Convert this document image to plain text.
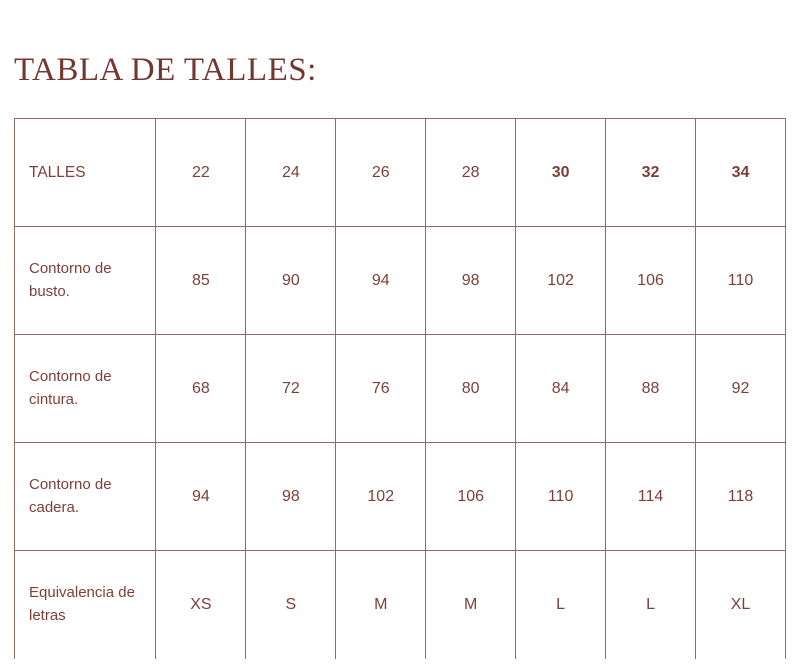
TABLA DE TALLES:
TALLES	22	24	26	28	30	32	34
Contorno de busto.	85	90	94	98	102	106	110
Contorno de cintura.	68	72	76	80	84	88	92
Contorno de cadera.	94	98	102	106	110	114	118
Equivalencia de letras	XS	S	M	M	L	L	XL
